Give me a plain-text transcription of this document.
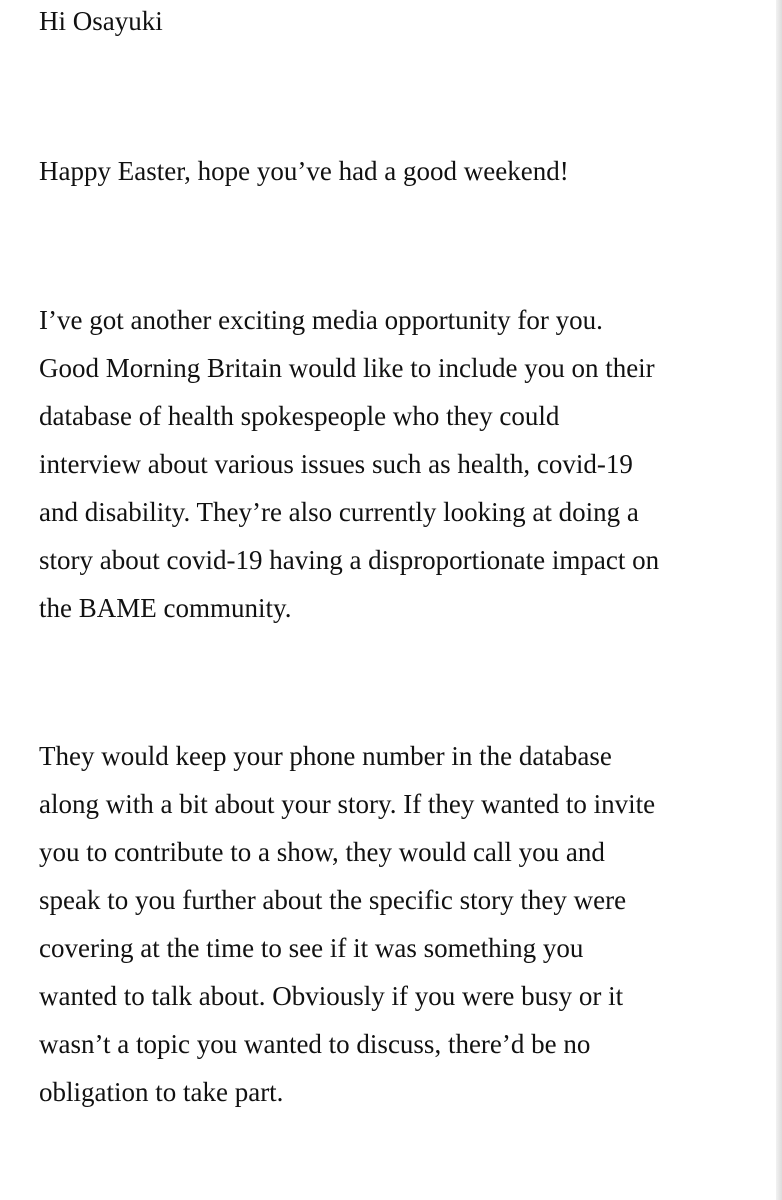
Hi Osayuki

Happy Easter, hope you’ve had a good weekend!

I’ve got another exciting media opportunity for you.

Good Morning Britain would like to include you on their

database of health spokespeople who they could

interview about various issues such as health, covid-19

and disability. They’re also currently looking at doing a

story about covid-19 having a disproportionate impact on

the BAME community.

They would keep your phone number in the database

along with a bit about your story. If they wanted to invite

you to contribute to a show, they would call you and

speak to you further about the specific story they were

covering at the time to see if it was something you

wanted to talk about. Obviously if you were busy or it

wasn’t a topic you wanted to discuss, there’d be no

obligation to take part.
